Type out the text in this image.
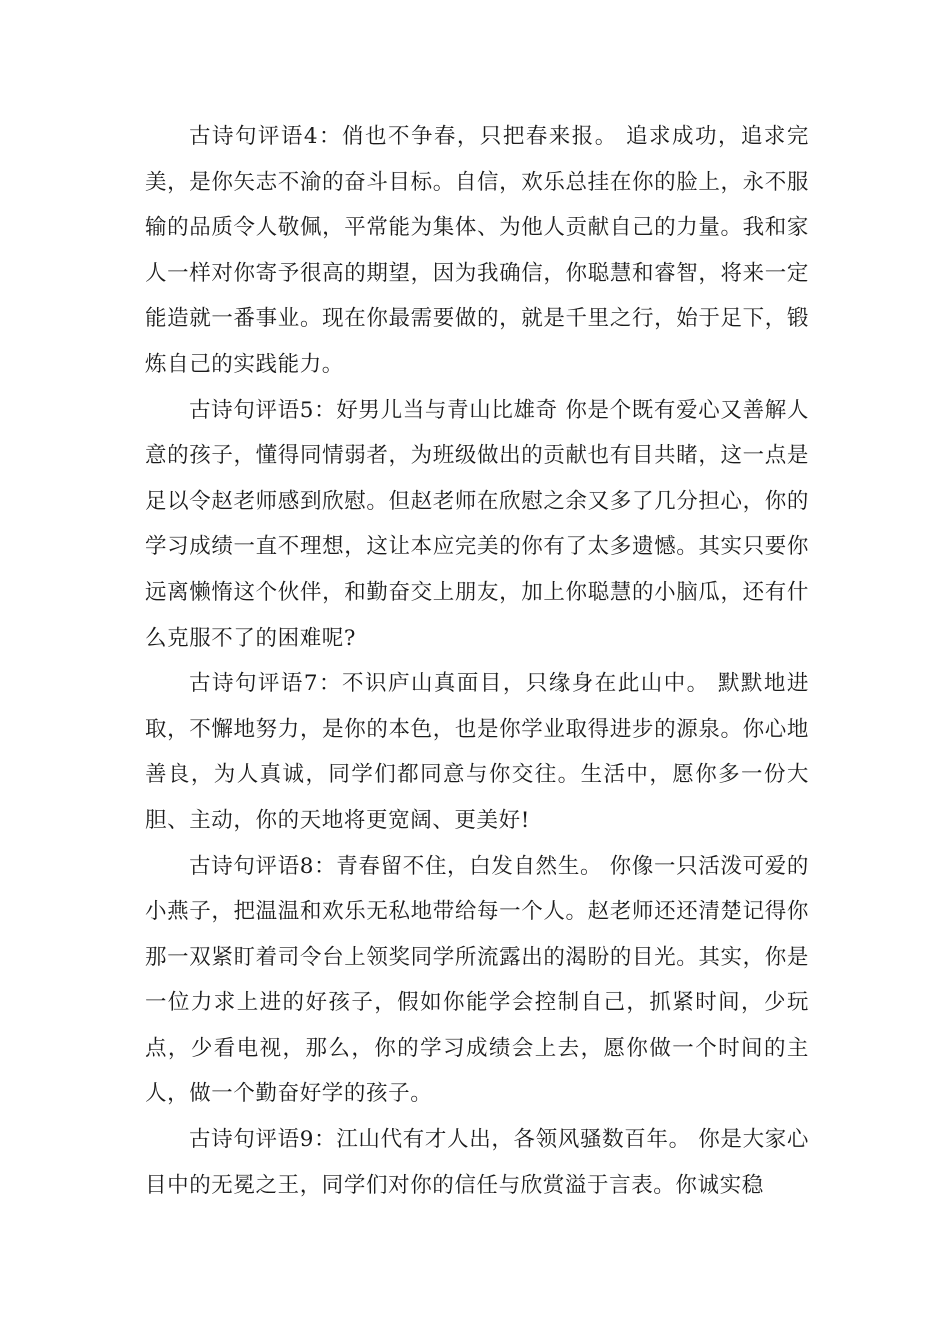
古诗句评语4：俏也不争春，只把春来报。 追求成功，追求完美，是你矢志不渝的奋斗目标。自信，欢乐总挂在你的脸上，永不服输的品质令人敬佩，平常能为集体、为他人贡献自己的力量。我和家人一样对你寄予很高的期望，因为我确信，你聪慧和睿智，将来一定能造就一番事业。现在你最需要做的，就是千里之行，始于足下，锻炼自己的实践能力。

古诗句评语5：好男儿当与青山比雄奇 你是个既有爱心又善解人意的孩子，懂得同情弱者，为班级做出的贡献也有目共睹，这一点是足以令赵老师感到欣慰。但赵老师在欣慰之余又多了几分担心，你的学习成绩一直不理想，这让本应完美的你有了太多遗憾。其实只要你远离懒惰这个伙伴，和勤奋交上朋友，加上你聪慧的小脑瓜，还有什么克服不了的困难呢?

古诗句评语7：不识庐山真面目，只缘身在此山中。 默默地进取，不懈地努力，是你的本色，也是你学业取得进步的源泉。你心地善良，为人真诚，同学们都同意与你交往。生活中，愿你多一份大胆、主动，你的天地将更宽阔、更美好!

古诗句评语8：青春留不住，白发自然生。 你像一只活泼可爱的小燕子，把温温和欢乐无私地带给每一个人。赵老师还还清楚记得你那一双紧盯着司令台上领奖同学所流露出的渴盼的目光。其实，你是一位力求上进的好孩子，假如你能学会控制自己，抓紧时间，少玩点，少看电视，那么，你的学习成绩会上去，愿你做一个时间的主人，做一个勤奋好学的孩子。

古诗句评语9：江山代有才人出，各领风骚数百年。 你是大家心目中的无冕之王，同学们对你的信任与欣赏溢于言表。你诚实稳
